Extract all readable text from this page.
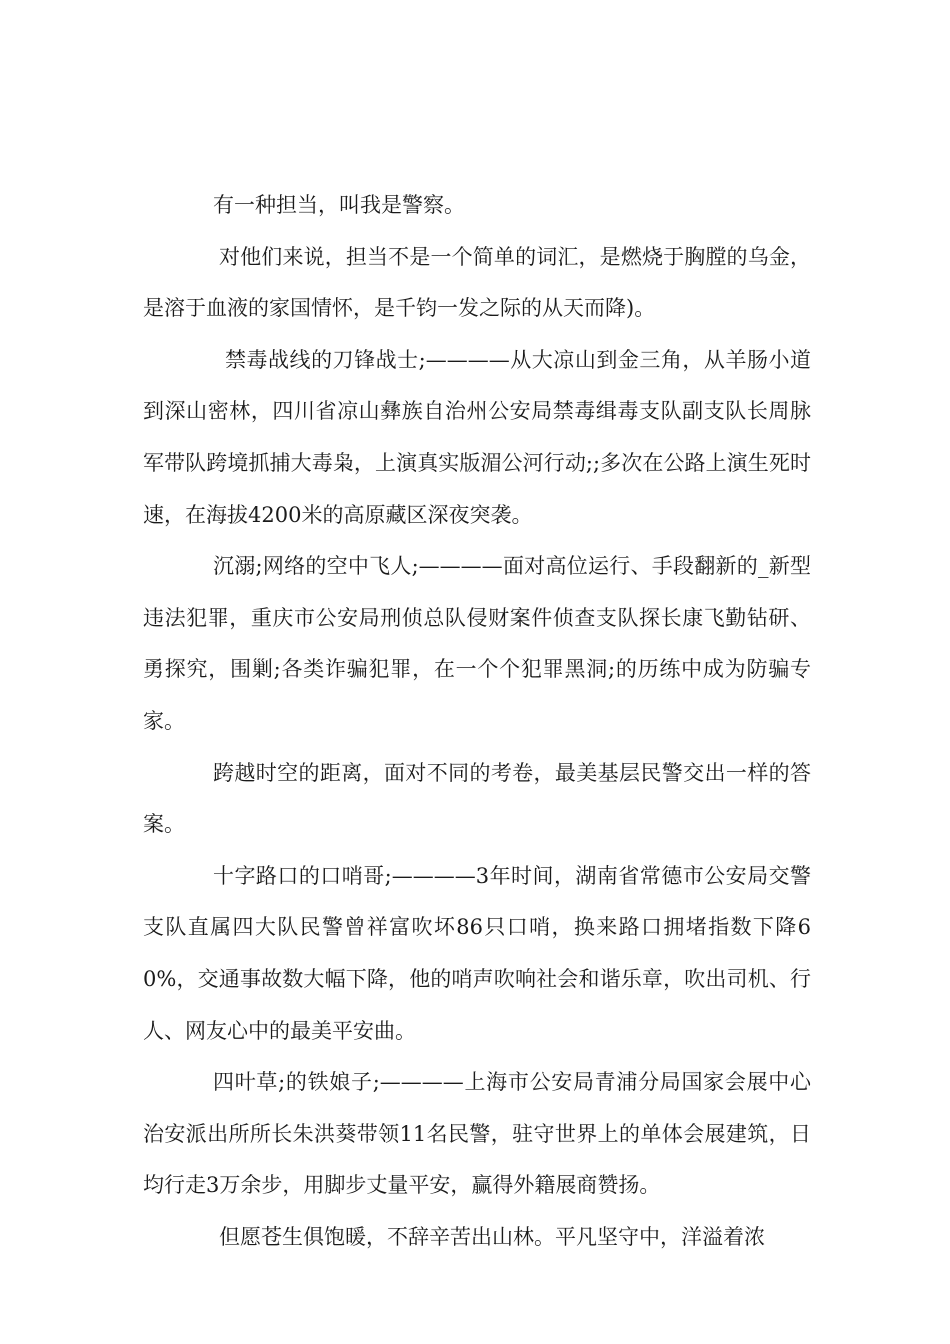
有一种担当，叫我是警察。

对他们来说，担当不是一个简单的词汇，是燃烧于胸膛的乌金，是溶于血液的家国情怀，是千钧一发之际的从天而降)。

禁毒战线的刀锋战士;————从大凉山到金三角，从羊肠小道到深山密林，四川省凉山彝族自治州公安局禁毒缉毒支队副支队长周脉军带队跨境抓捕大毒枭，上演真实版湄公河行动;;多次在公路上演生死时速，在海拔4200米的高原藏区深夜突袭。

沉溺;网络的空中飞人;————面对高位运行、手段翻新的_新型违法犯罪，重庆市公安局刑侦总队侵财案件侦查支队探长康飞勤钻研、勇探究，围剿;各类诈骗犯罪，在一个个犯罪黑洞;的历练中成为防骗专家。

跨越时空的距离，面对不同的考卷，最美基层民警交出一样的答案。

十字路口的口哨哥;————3年时间，湖南省常德市公安局交警支队直属四大队民警曾祥富吹坏86只口哨，换来路口拥堵指数下降60%，交通事故数大幅下降，他的哨声吹响社会和谐乐章，吹出司机、行人、网友心中的最美平安曲。

四叶草;的铁娘子;————上海市公安局青浦分局国家会展中心治安派出所所长朱洪葵带领11名民警，驻守世界上的单体会展建筑，日均行走3万余步，用脚步丈量平安，赢得外籍展商赞扬。

但愿苍生俱饱暖，不辞辛苦出山林。平凡坚守中，洋溢着浓
